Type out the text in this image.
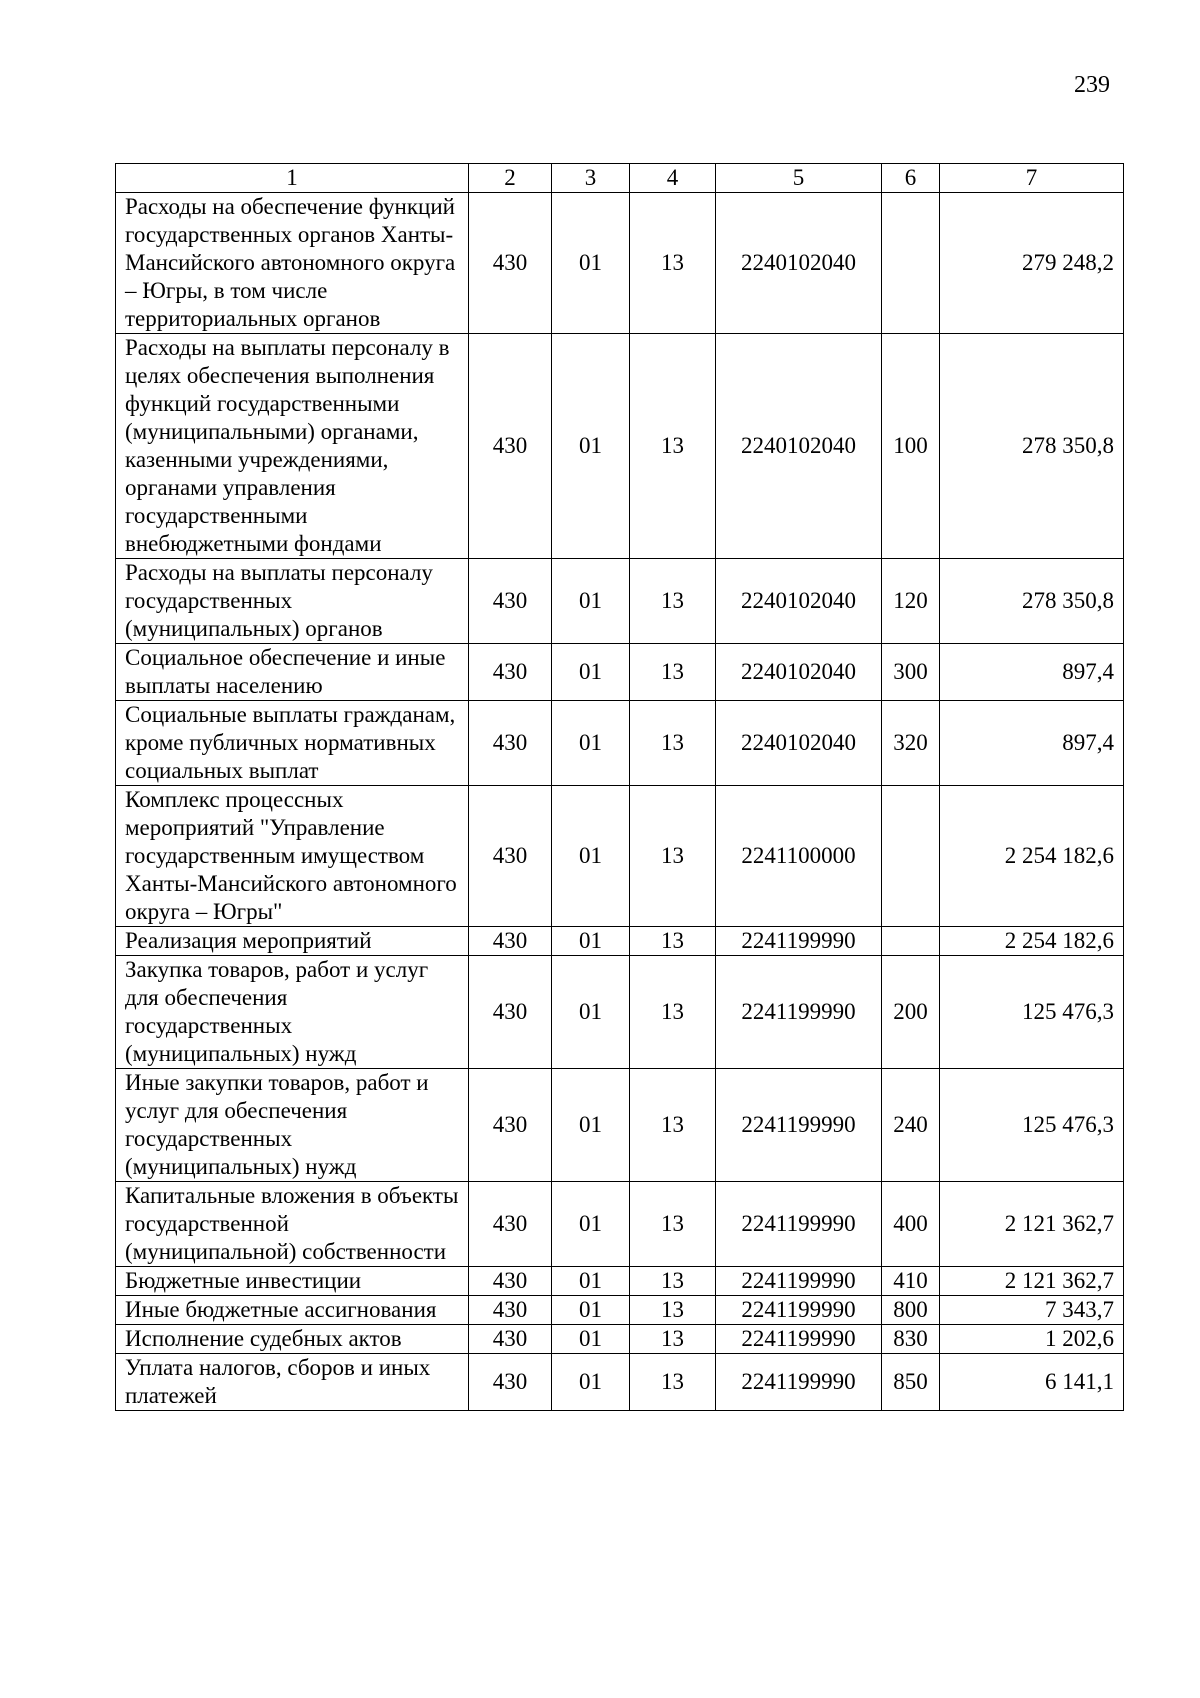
239
1	2	3	4	5	6	7
Расходы на обеспечение функций государственных органов Ханты-Мансийского автономного округа – Югры, в том числе территориальных органов	430	01	13	2240102040		279 248,2
Расходы на выплаты персоналу в целях обеспечения выполнения функций государственными (муниципальными) органами, казенными учреждениями, органами управления государственными внебюджетными фондами	430	01	13	2240102040	100	278 350,8
Расходы на выплаты персоналу государственных (муниципальных) органов	430	01	13	2240102040	120	278 350,8
Социальное обеспечение и иные выплаты населению	430	01	13	2240102040	300	897,4
Социальные выплаты гражданам, кроме публичных нормативных социальных выплат	430	01	13	2240102040	320	897,4
Комплекс процессных мероприятий "Управление государственным имуществом Ханты-Мансийского автономного округа – Югры"	430	01	13	2241100000		2 254 182,6
Реализация мероприятий	430	01	13	2241199990		2 254 182,6
Закупка товаров, работ и услуг для обеспечения государственных (муниципальных) нужд	430	01	13	2241199990	200	125 476,3
Иные закупки товаров, работ и услуг для обеспечения государственных (муниципальных) нужд	430	01	13	2241199990	240	125 476,3
Капитальные вложения в объекты государственной (муниципальной) собственности	430	01	13	2241199990	400	2 121 362,7
Бюджетные инвестиции	430	01	13	2241199990	410	2 121 362,7
Иные бюджетные ассигнования	430	01	13	2241199990	800	7 343,7
Исполнение судебных актов	430	01	13	2241199990	830	1 202,6
Уплата налогов, сборов и иных платежей	430	01	13	2241199990	850	6 141,1
